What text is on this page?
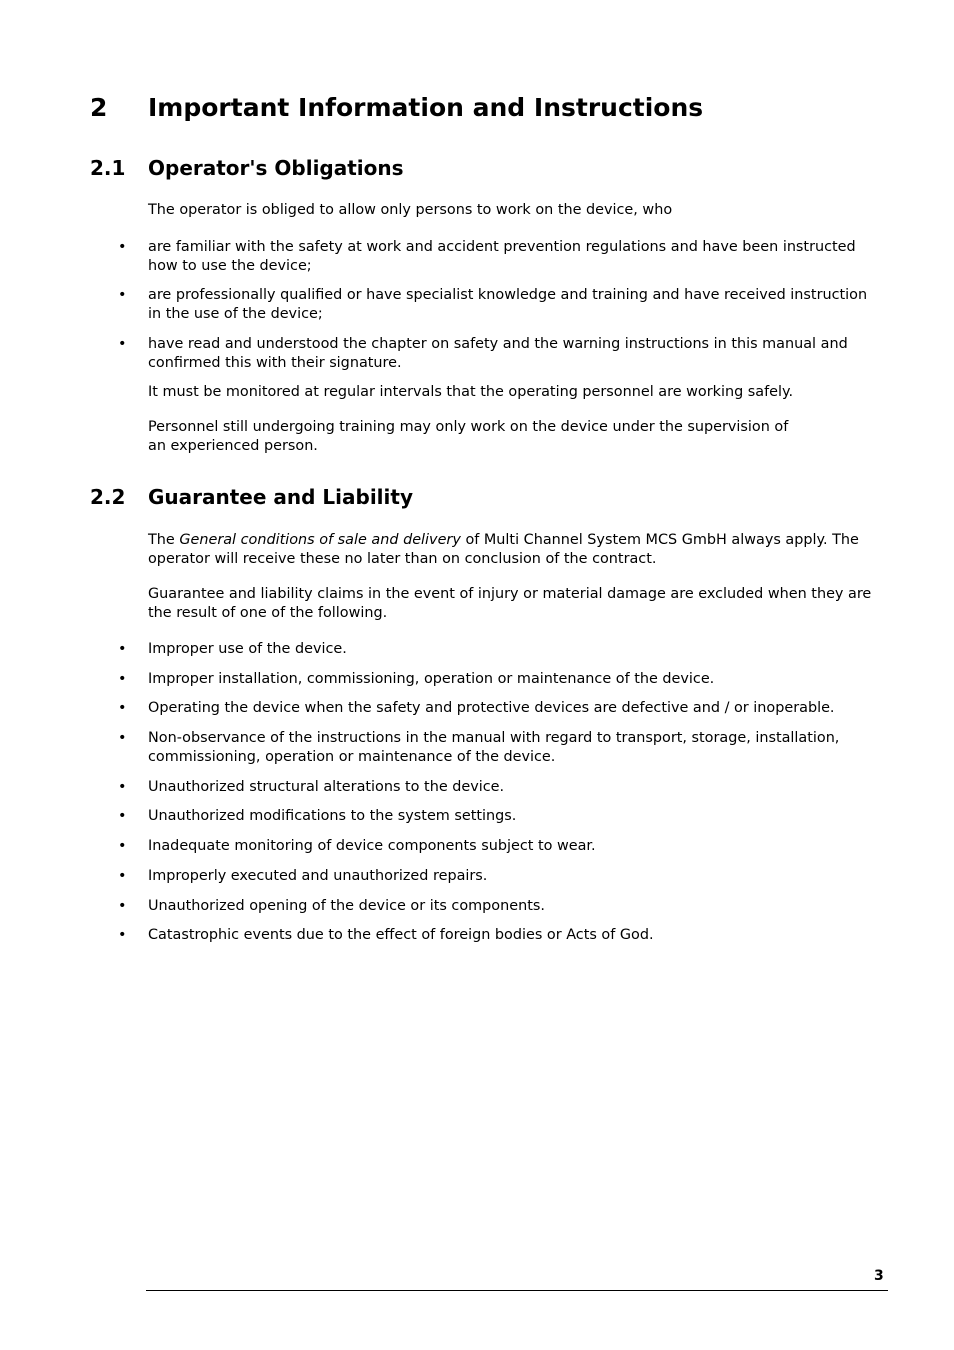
2 Important Information and Instructions
2.1 Operator's Obligations
The operator is obliged to allow only persons to work on the device, who
• are familiar with the safety at work and accident prevention regulations and have been instructed how to use the device;
• are professionally qualified or have specialist knowledge and training and have received instruction in the use of the device;
• have read and understood the chapter on safety and the warning instructions in this manual and confirmed this with their signature.
It must be monitored at regular intervals that the operating personnel are working safely.
Personnel still undergoing training may only work on the device under the supervision of an experienced person.
2.2 Guarantee and Liability
The General conditions of sale and delivery of Multi Channel System MCS GmbH always apply. The operator will receive these no later than on conclusion of the contract.
Guarantee and liability claims in the event of injury or material damage are excluded when they are the result of one of the following.
• Improper use of the device.
• Improper installation, commissioning, operation or maintenance of the device.
• Operating the device when the safety and protective devices are defective and / or inoperable.
• Non-observance of the instructions in the manual with regard to transport, storage, installation, commissioning, operation or maintenance of the device.
• Unauthorized structural alterations to the device.
• Unauthorized modifications to the system settings.
• Inadequate monitoring of device components subject to wear.
• Improperly executed and unauthorized repairs.
• Unauthorized opening of the device or its components.
• Catastrophic events due to the effect of foreign bodies or Acts of God.
3
